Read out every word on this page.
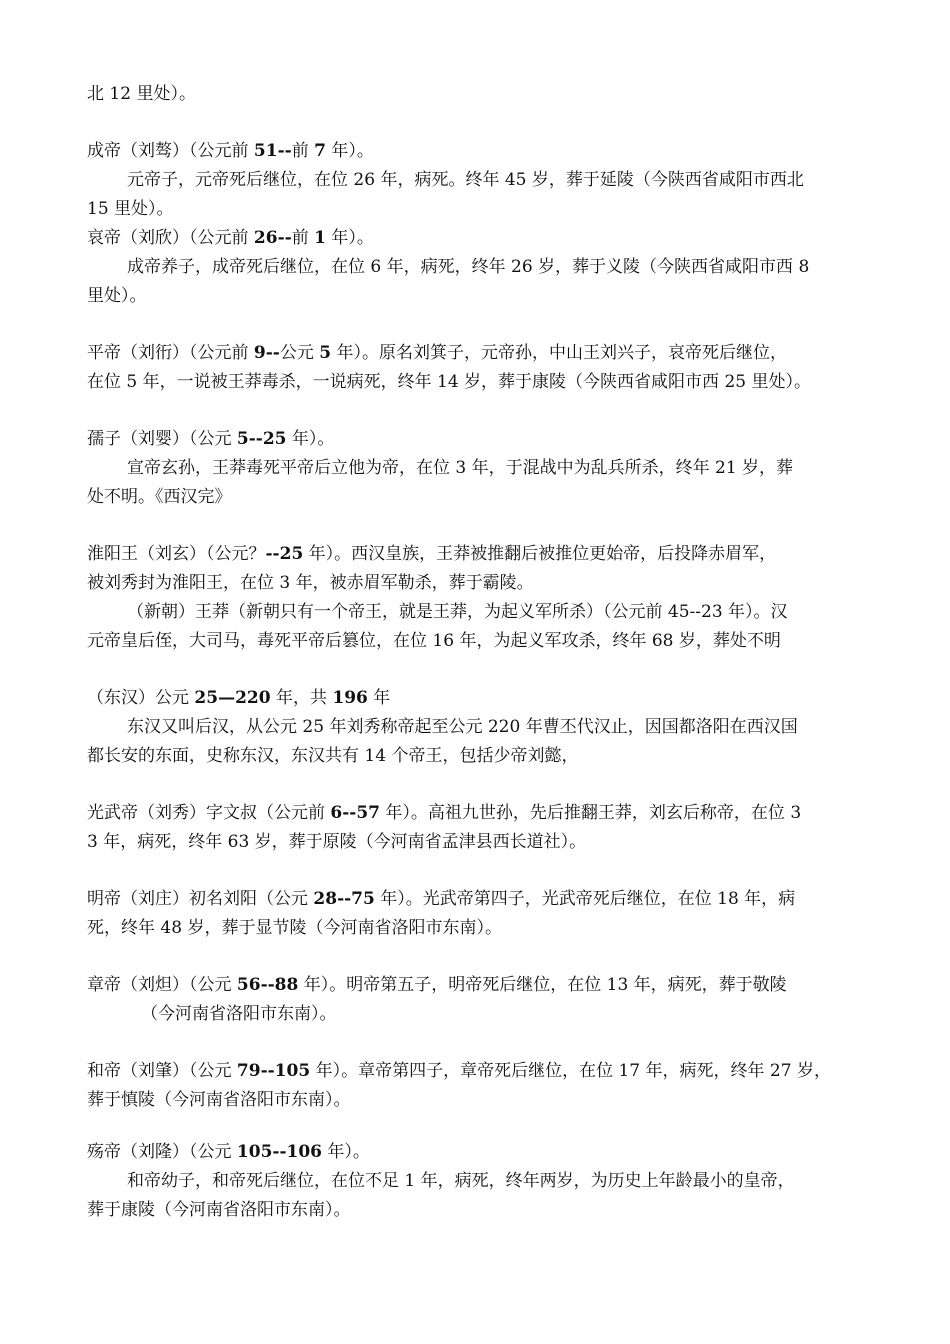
北 12 里处）。
成帝（刘骜）（公元前 51--前 7 年）。
元帝子，元帝死后继位，在位 26 年，病死。终年 45 岁，葬于延陵（今陕西省咸阳市西北
15 里处）。
哀帝（刘欣）（公元前 26--前 1 年）。
成帝养子，成帝死后继位，在位 6 年，病死，终年 26 岁，葬于义陵（今陕西省咸阳市西 8
里处）。
平帝（刘衎）（公元前 9--公元 5 年）。原名刘箕子，元帝孙，中山王刘兴子，哀帝死后继位，
在位 5 年，一说被王莽毒杀，一说病死，终年 14 岁，葬于康陵（今陕西省咸阳市西 25 里处）。
孺子（刘婴）（公元 5--25 年）。
宣帝玄孙，王莽毒死平帝后立他为帝，在位 3 年，于混战中为乱兵所杀，终年 21 岁，葬
处不明。《西汉完》
淮阳王（刘玄）（公元？--25 年）。西汉皇族，王莽被推翻后被推位更始帝，后投降赤眉军，
被刘秀封为淮阳王，在位 3 年，被赤眉军勒杀，葬于霸陵。
（新朝）王莽（新朝只有一个帝王，就是王莽，为起义军所杀）（公元前 45--23 年）。汉
元帝皇后侄，大司马，毒死平帝后篡位，在位 16 年，为起义军攻杀，终年 68 岁，葬处不明
（东汉）公元 25—220 年，共 196 年
东汉又叫后汉，从公元 25 年刘秀称帝起至公元 220 年曹丕代汉止，因国都洛阳在西汉国
都长安的东面，史称东汉，东汉共有 14 个帝王，包括少帝刘懿，
光武帝（刘秀）字文叔（公元前 6--57 年）。高祖九世孙，先后推翻王莽，刘玄后称帝，在位 3
3 年，病死，终年 63 岁，葬于原陵（今河南省孟津县西长道社）。
明帝（刘庄）初名刘阳（公元 28--75 年）。光武帝第四子，光武帝死后继位，在位 18 年，病
死，终年 48 岁，葬于显节陵（今河南省洛阳市东南）。
章帝（刘炟）（公元 56--88 年）。明帝第五子，明帝死后继位，在位 13 年，病死，葬于敬陵
（今河南省洛阳市东南）。
和帝（刘肇）（公元 79--105 年）。章帝第四子，章帝死后继位，在位 17 年，病死，终年 27 岁，
葬于慎陵（今河南省洛阳市东南）。
殇帝（刘隆）（公元 105--106 年）。
和帝幼子，和帝死后继位，在位不足 1 年，病死，终年两岁，为历史上年龄最小的皇帝，
葬于康陵（今河南省洛阳市东南）。
